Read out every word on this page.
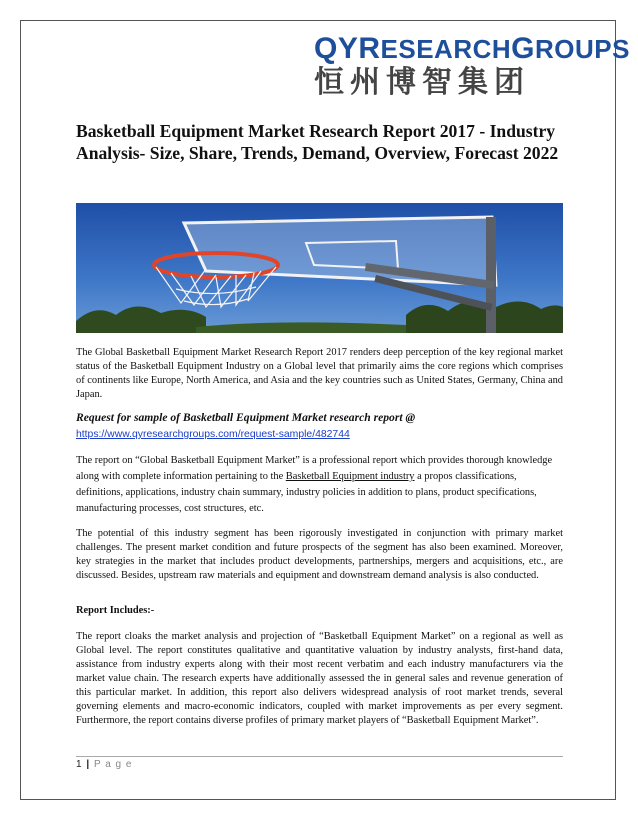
QYRESEARCHGROUPS
恒州博智集团
Basketball Equipment Market Research Report 2017 - Industry Analysis- Size, Share, Trends, Demand, Overview, Forecast 2022

The Global Basketball Equipment Market Research Report 2017 renders deep perception of the key regional market status of the Basketball Equipment Industry on a Global level that primarily aims the core regions which comprises of continents like Europe, North America, and Asia and the key countries such as United States, Germany, China and Japan.

Request for sample of Basketball Equipment Market research report @

https://www.qyresearchgroups.com/request-sample/482744

The report on “Global Basketball Equipment Market” is a professional report which provides thorough knowledge along with complete information pertaining to the Basketball Equipment industry a propos classifications, definitions, applications, industry chain summary, industry policies in addition to plans, product specifications, manufacturing processes, cost structures, etc.

The potential of this industry segment has been rigorously investigated in conjunction with primary market challenges. The present market condition and future prospects of the segment has also been examined. Moreover, key strategies in the market that includes product developments, partnerships, mergers and acquisitions, etc., are discussed. Besides, upstream raw materials and equipment and downstream demand analysis is also conducted.

Report Includes:-

The report cloaks the market analysis and projection of “Basketball Equipment Market” on a regional as well as Global level. The report constitutes qualitative and quantitative valuation by industry analysts, first-hand data, assistance from industry experts along with their most recent verbatim and each industry manufacturers via the market value chain. The research experts have additionally assessed the in general sales and revenue generation of this particular market. In addition, this report also delivers widespread analysis of root market trends, several governing elements and macro-economic indicators, coupled with market improvements as per every segment. Furthermore, the report contains diverse profiles of primary market players of “Basketball Equipment Market”.

1 | P a g e
